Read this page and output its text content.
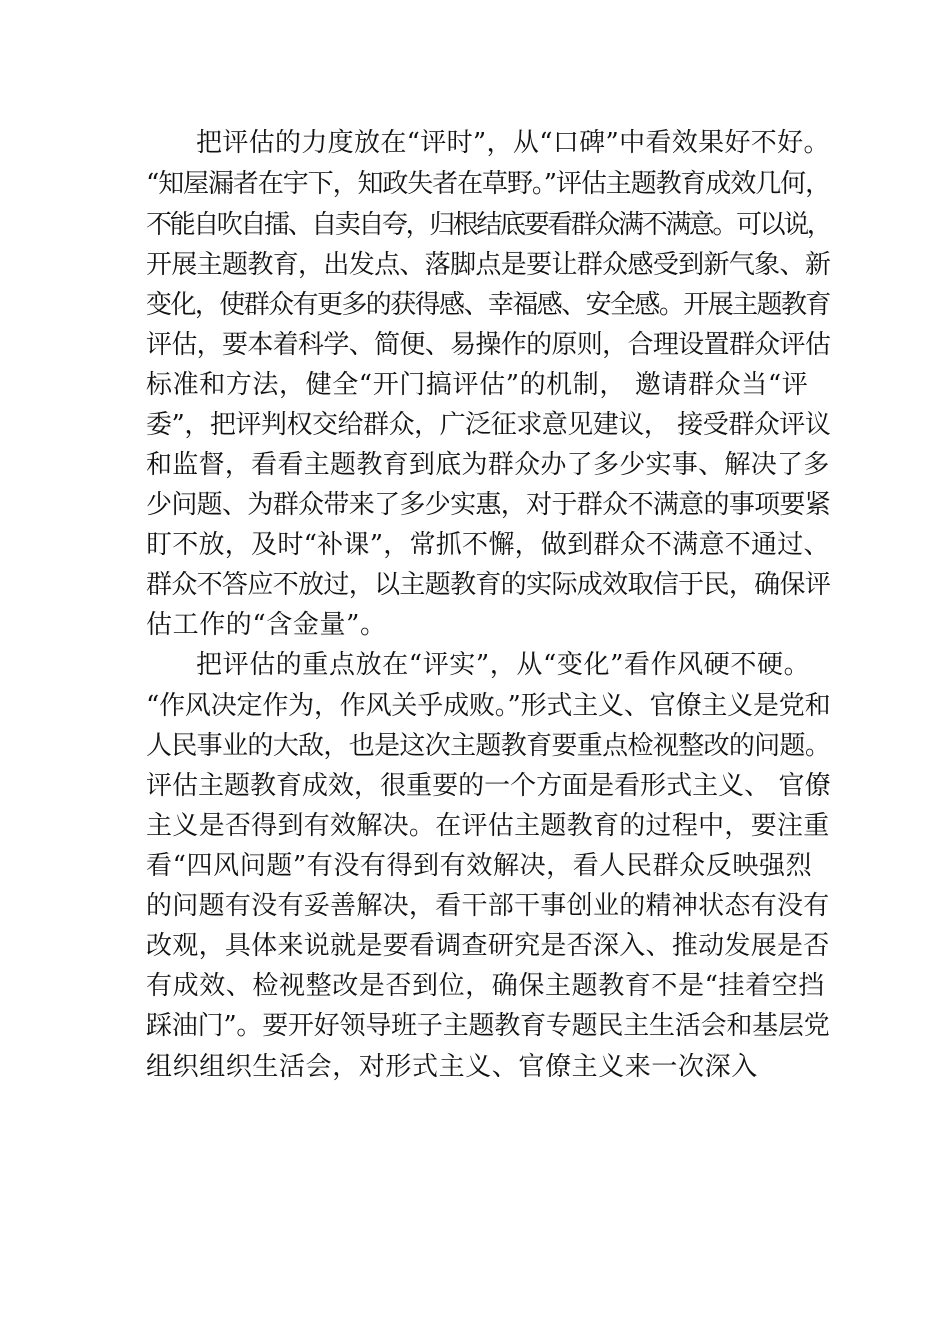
把评估的力度放在“评时”，从“口碑”中看效果好不好。
“知屋漏者在宇下，知政失者在草野。”评估主题教育成效几何，
不能自吹自擂、自卖自夸，归根结底要看群众满不满意。可以说，
开展主题教育，出发点、落脚点是要让群众感受到新气象、新
变化，使群众有更多的获得感、幸福感、安全感。开展主题教育
评估，要本着科学、简便、易操作的原则，合理设置群众评估
标准和方法，健全“开门搞评估”的机制， 邀请群众当“评
委”，把评判权交给群众，广泛征求意见建议， 接受群众评议
和监督，看看主题教育到底为群众办了多少实事、解决了多
少问题、为群众带来了多少实惠，对于群众不满意的事项要紧
盯不放，及时“补课”，常抓不懈，做到群众不满意不通过、
群众不答应不放过，以主题教育的实际成效取信于民，确保评
估工作的“含金量”。
把评估的重点放在“评实”，从“变化”看作风硬不硬。
“作风决定作为，作风关乎成败。”形式主义、官僚主义是党和
人民事业的大敌，也是这次主题教育要重点检视整改的问题。
评估主题教育成效，很重要的一个方面是看形式主义、 官僚
主义是否得到有效解决。在评估主题教育的过程中，要注重
看“四风问题”有没有得到有效解决，看人民群众反映强烈
的问题有没有妥善解决，看干部干事创业的精神状态有没有
改观，具体来说就是要看调查研究是否深入、推动发展是否
有成效、检视整改是否到位，确保主题教育不是“挂着空挡
踩油门”。要开好领导班子主题教育专题民主生活会和基层党
组织组织生活会，对形式主义、官僚主义来一次深入
